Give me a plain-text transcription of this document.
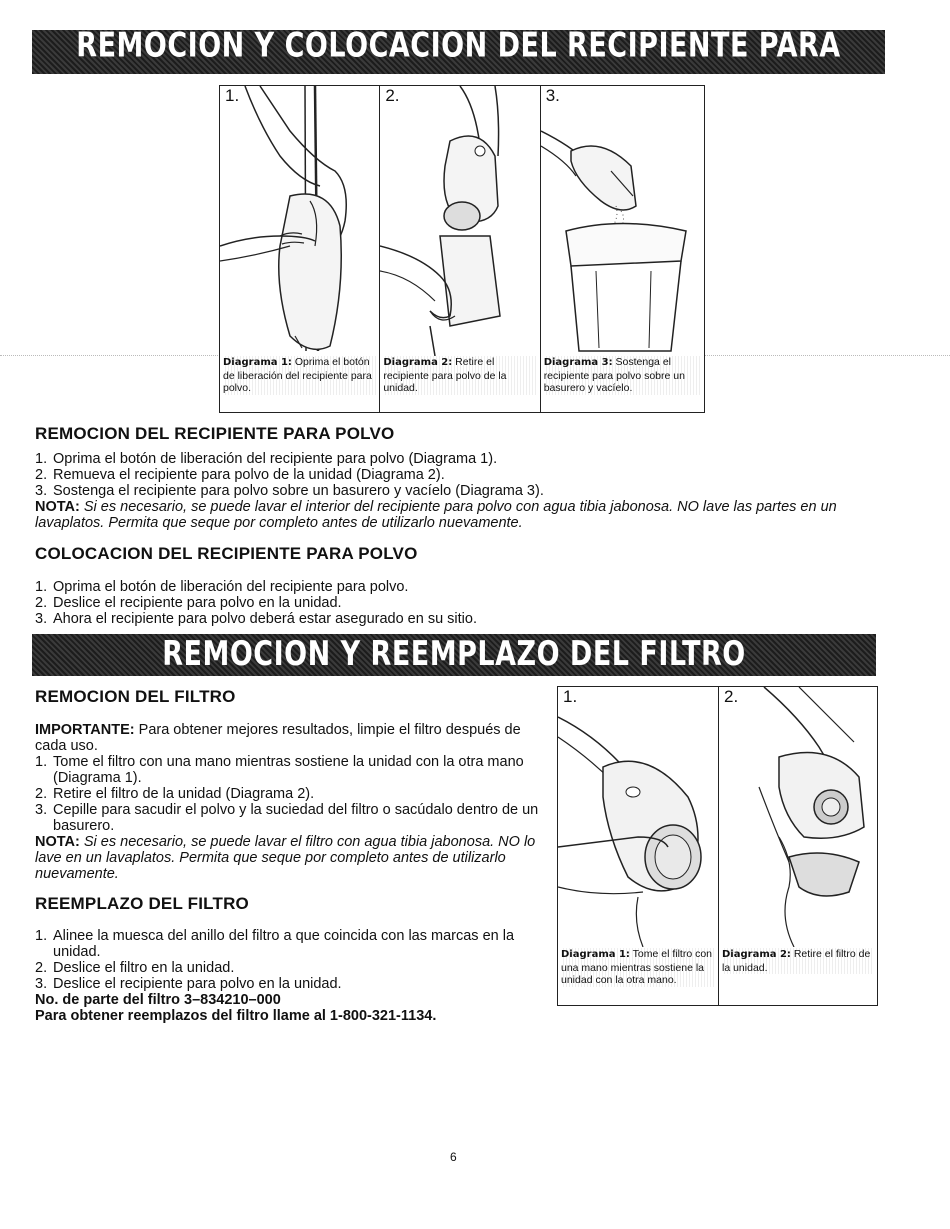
REMOCION Y COLOCACION DEL RECIPIENTE PARA
1.
Diagrama 1: Oprima el botón de liberación del recipiente para polvo.
2.
Diagrama 2: Retire el recipiente para polvo de la unidad.
3.
Diagrama 3: Sostenga el recipiente para polvo sobre un basurero y vacíelo.
REMOCION DEL RECIPIENTE PARA POLVO
1. Oprima el botón de liberación del recipiente para polvo (Diagrama 1).
2. Remueva el recipiente para polvo de la unidad (Diagrama 2).
3. Sostenga el recipiente para polvo sobre un basurero y vacíelo (Diagrama 3).

NOTA: Si es necesario, se puede lavar el interior del recipiente para polvo con agua tibia jabonosa. NO lave las partes en un lavaplatos. Permita que seque por completo antes de utilizarlo nuevamente.

COLOCACION DEL RECIPIENTE PARA POLVO
1. Oprima el botón de liberación del recipiente para polvo.
2. Deslice el recipiente para polvo en la unidad.
3. Ahora el recipiente para polvo deberá estar asegurado en su sitio.
REMOCION Y REEMPLAZO DEL FILTRO
REMOCION DEL FILTRO

IMPORTANTE: Para obtener mejores resultados, limpie el filtro después de cada uso.

1. Tome el filtro con una mano mientras sostiene la unidad con la otra mano (Diagrama 1).
2. Retire el filtro de la unidad (Diagrama 2).
3. Cepille para sacudir el polvo y la suciedad del filtro o sacúdalo dentro de un basurero.

NOTA: Si es necesario, se puede lavar el filtro con agua tibia jabonosa. NO lo lave en un lavaplatos. Permita que seque por completo antes de utilizarlo nuevamente.

REEMPLAZO DEL FILTRO
1. Alinee la muesca del anillo del filtro a que coincida con las marcas en la unidad.
2. Deslice el filtro en la unidad.
3. Deslice el recipiente para polvo en la unidad.

No. de parte del filtro 3–834210–000

Para obtener reemplazos del filtro llame al 1-800-321-1134.

1.
Diagrama 1: Tome el filtro con una mano mientras sostiene la unidad con la otra mano.
2.
Diagrama 2: Retire el filtro de la unidad.
6
